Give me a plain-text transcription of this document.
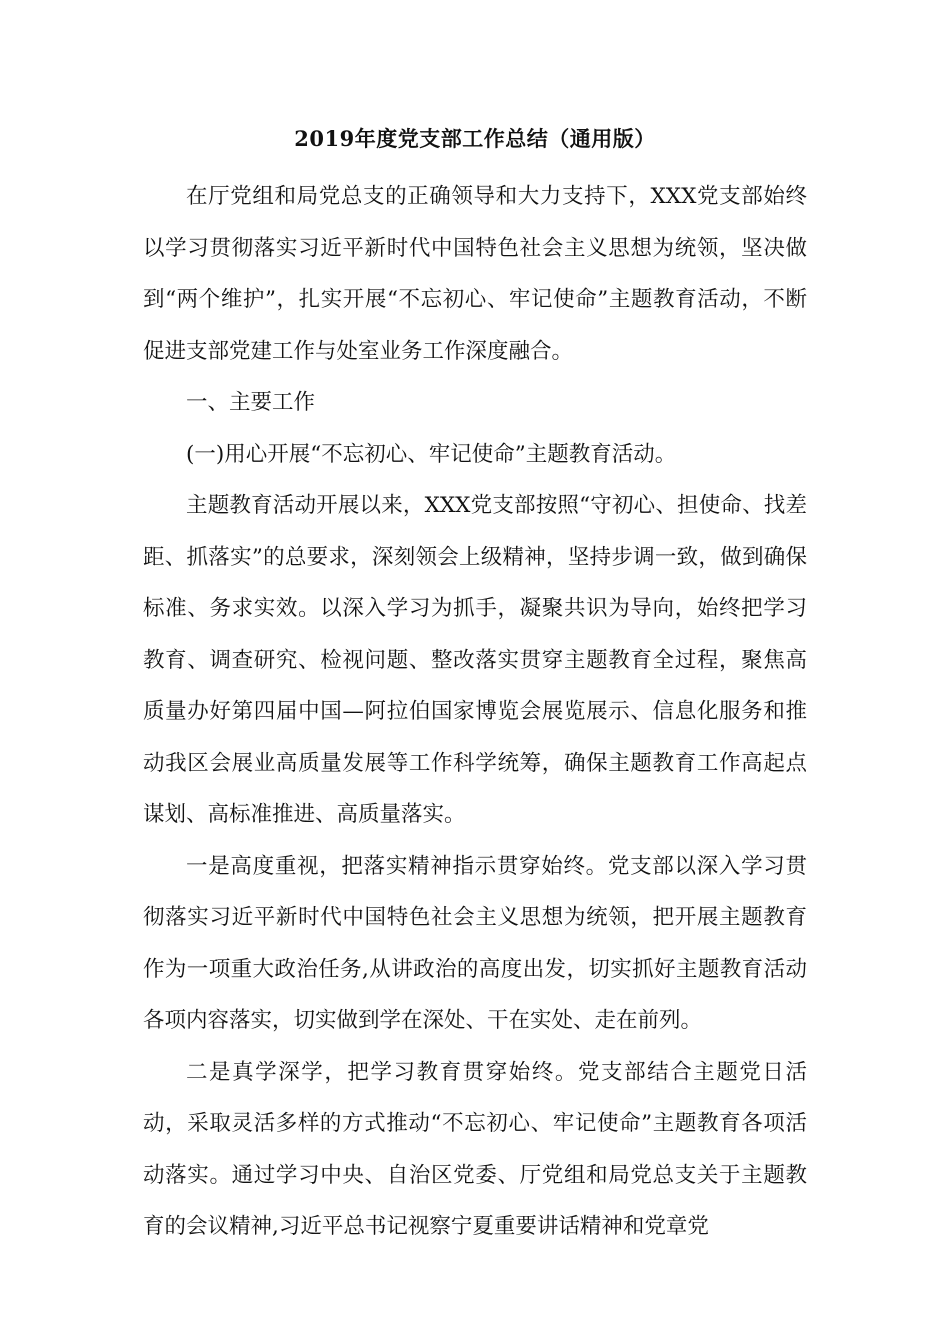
2019年度党支部工作总结（通用版）

在厅党组和局党总支的正确领导和大力支持下，XXX党支部始终以学习贯彻落实习近平新时代中国特色社会主义思想为统领，坚决做到“两个维护”，扎实开展“不忘初心、牢记使命”主题教育活动，不断促进支部党建工作与处室业务工作深度融合。

一、主要工作

(一)用心开展“不忘初心、牢记使命”主题教育活动。

主题教育活动开展以来，XXX党支部按照“守初心、担使命、找差距、抓落实”的总要求，深刻领会上级精神，坚持步调一致，做到确保标准、务求实效。以深入学习为抓手，凝聚共识为导向，始终把学习教育、调查研究、检视问题、整改落实贯穿主题教育全过程，聚焦高质量办好第四届中国—阿拉伯国家博览会展览展示、信息化服务和推动我区会展业高质量发展等工作科学统筹，确保主题教育工作高起点谋划、高标准推进、高质量落实。

一是高度重视，把落实精神指示贯穿始终。党支部以深入学习贯彻落实习近平新时代中国特色社会主义思想为统领，把开展主题教育作为一项重大政治任务,从讲政治的高度出发，切实抓好主题教育活动各项内容落实，切实做到学在深处、干在实处、走在前列。

二是真学深学，把学习教育贯穿始终。党支部结合主题党日活动，采取灵活多样的方式推动“不忘初心、牢记使命”主题教育各项活动落实。通过学习中央、自治区党委、厅党组和局党总支关于主题教育的会议精神,习近平总书记视察宁夏重要讲话精神和党章党
